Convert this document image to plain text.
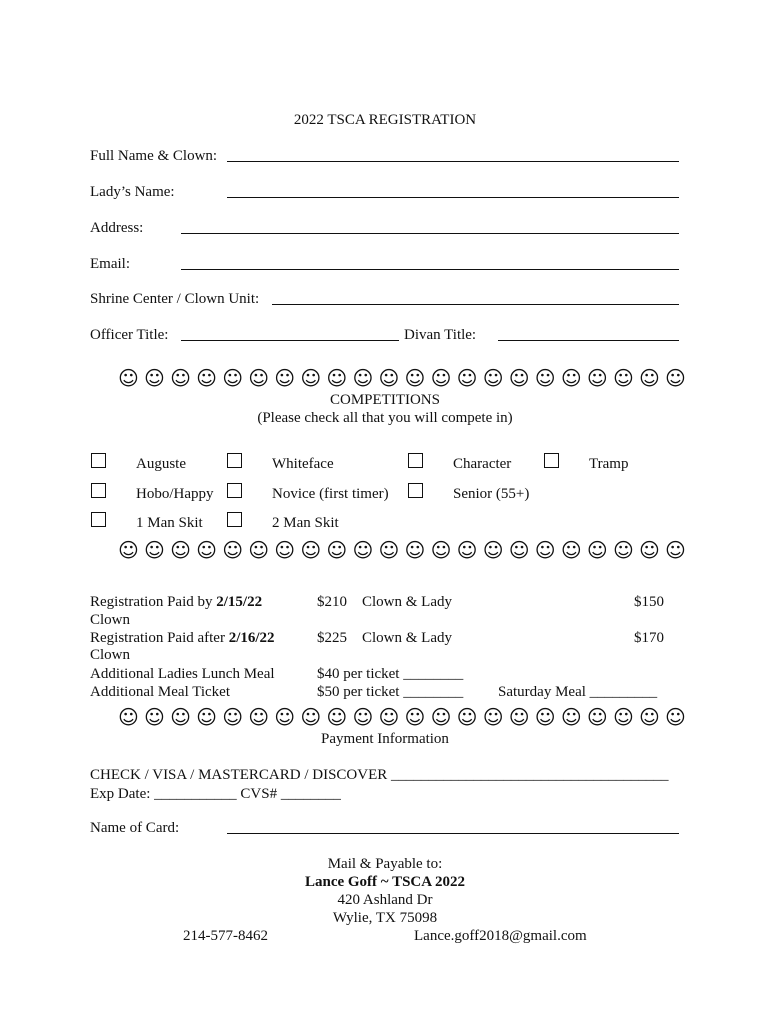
2022 TSCA REGISTRATION
Full Name & Clown:
Lady’s Name:
Address:
Email:
Shrine Center / Clown Unit:
Officer Title:	Divan Title:
☺☺☺☺☺☺☺☺☺☺☺☺☺☺☺☺☺☺☺☺☺☺
COMPETITIONS
(Please check all that you will compete in)
Auguste	Whiteface	Character	Tramp
Hobo/Happy	Novice (first timer)	Senior (55+)
1 Man Skit	2 Man Skit
☺☺☺☺☺☺☺☺☺☺☺☺☺☺☺☺☺☺☺☺☺☺
Registration Paid by 2/15/22	$210 Clown & Lady	$150
Clown
Registration Paid after 2/16/22	$225 Clown & Lady	$170
Clown
Additional Ladies Lunch Meal	$40 per ticket ________
Additional Meal Ticket	$50 per ticket ________ Saturday Meal _________
☺☺☺☺☺☺☺☺☺☺☺☺☺☺☺☺☺☺☺☺☺☺
Payment Information
CHECK / VISA / MASTERCARD / DISCOVER _____________________________________
Exp Date: ___________ CVS# ________
Name of Card:
Mail & Payable to:
Lance Goff ~ TSCA 2022
420 Ashland Dr
Wylie, TX 75098
214-577-8462	Lance.goff2018@gmail.com
